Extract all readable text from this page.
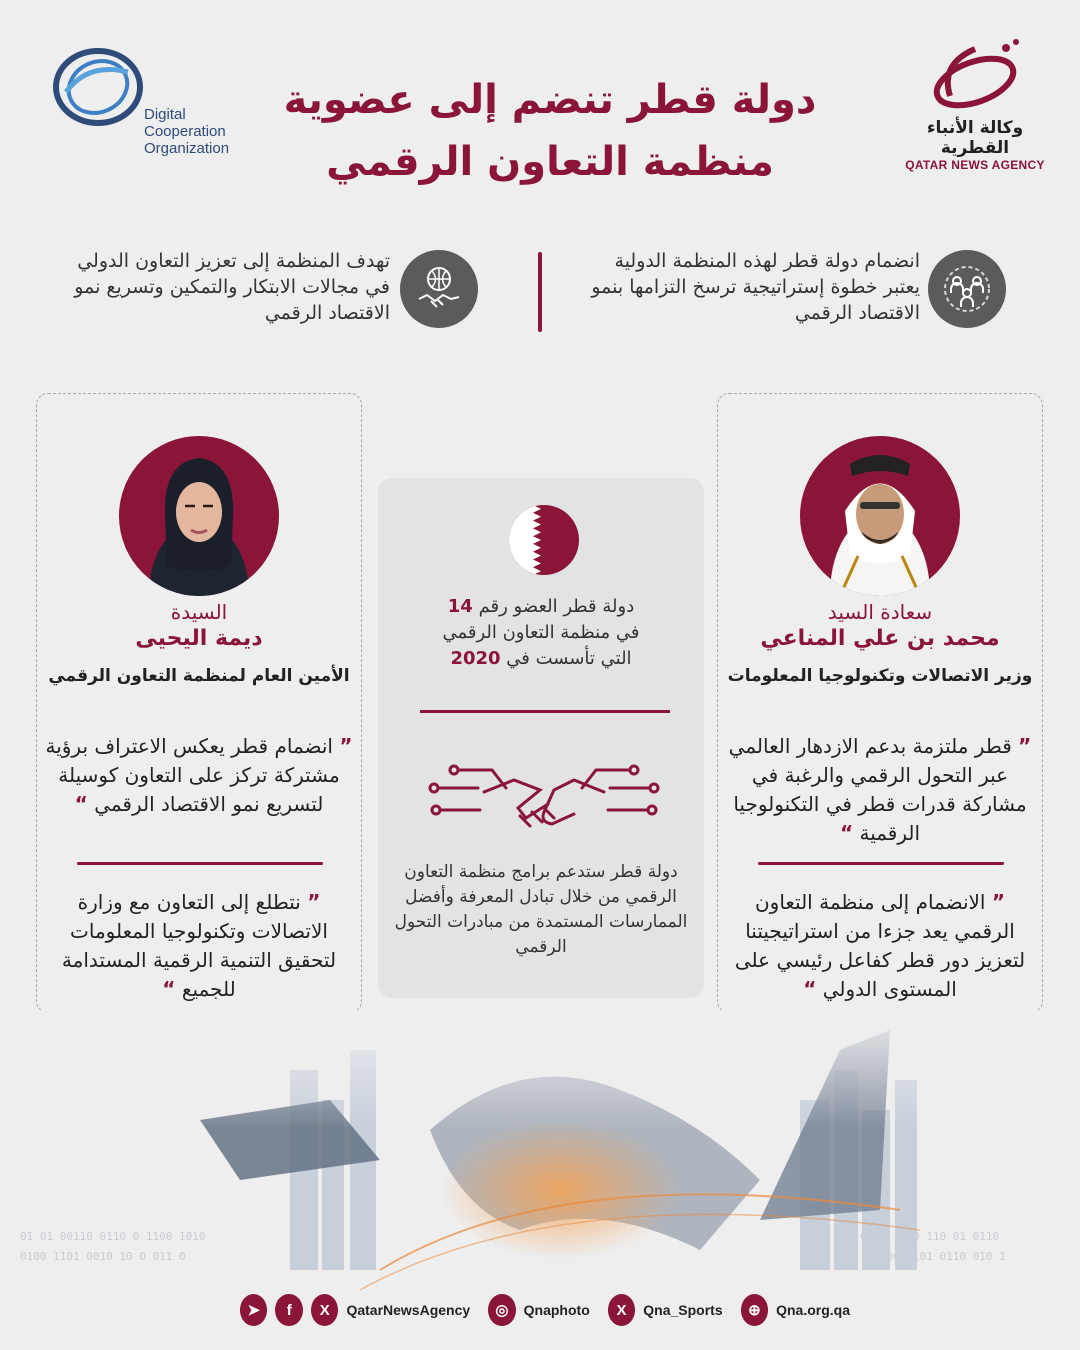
Digital
Cooperation
Organization
وكالة الأنباء القطرية
QATAR NEWS AGENCY
دولة قطر تنضم إلى عضوية
منظمة التعاون الرقمي
انضمام دولة قطر لهذه المنظمة الدولية يعتبر خطوة إستراتيجية ترسخ التزامها بنمو الاقتصاد الرقمي
تهدف المنظمة إلى تعزيز التعاون الدولي في مجالات الابتكار والتمكين وتسريع نمو الاقتصاد الرقمي
سعادة السيد
محمد بن علي المناعي
وزير الاتصالات وتكنولوجيا المعلومات
” قطر ملتزمة بدعم الازدهار العالمي عبر التحول الرقمي والرغبة في مشاركة قدرات قطر في التكنولوجيا الرقمية “
” الانضمام إلى منظمة التعاون الرقمي يعد جزءا من استراتيجيتنا لتعزيز دور قطر كفاعل رئيسي على المستوى الدولي “
السيدة
ديمة اليحيى
الأمين العام لمنظمة التعاون الرقمي
” انضمام قطر يعكس الاعتراف برؤية مشتركة تركز على التعاون كوسيلة لتسريع نمو الاقتصاد الرقمي “
” نتطلع إلى التعاون مع وزارة الاتصالات وتكنولوجيا المعلومات لتحقيق التنمية الرقمية المستدامة للجميع “
دولة قطر العضو رقم 14
في منظمة التعاون الرقمي
التي تأسست في 2020
دولة قطر ستدعم برامج منظمة التعاون الرقمي من خلال تبادل المعرفة وأفضل الممارسات المستمدة من مبادرات التحول الرقمي
01 01 00110 0110 0 1100 1010
0100 1101 0010 10 0 011 0
0110 1010 110 01 0110
1 0100 1101 0110 010 1
➤	f	X	QatarNewsAgency	◎	Qnaphoto	X	Qna_Sports	⊕	Qna.org.qa
